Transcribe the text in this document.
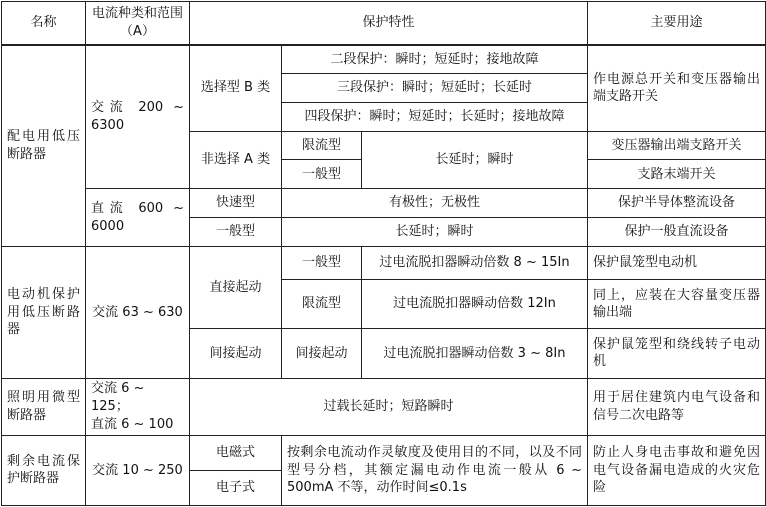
名称	电流种类和范围（A）	保护特性			主要用途
配电用低压断路器	交流 200 ~ 6300	选择型 B 类	二段保护：瞬时；短延时；接地故障		作电源总开关和变压器输出端支路开关
			三段保护：瞬时；短延时；长延时		
			四段保护：瞬时；短延时；长延时；接地故障		
		非选择 A 类	限流型	长延时；瞬时	变压器输出端支路开关
			一般型		支路末端开关
	直流 600 ~ 6000	快速型	有极性；无极性		保护半导体整流设备
		一般型	长延时；瞬时		保护一般直流设备
电动机保护用低压断路器	交流 63 ~ 630	直接起动	一般型	过电流脱扣器瞬动倍数 8 ~ 15In	保护鼠笼型电动机
			限流型	过电流脱扣器瞬动倍数 12In	同上，应装在大容量变压器输出端
		间接起动	间接起动	过电流脱扣器瞬动倍数 3 ~ 8In	保护鼠笼型和绕线转子电动机
照明用微型断路器	交流 6 ~ 125；
直流 6 ~ 100	过载长延时；短路瞬时			用于居住建筑内电气设备和信号二次电路等
剩余电流保护断路器	交流 10 ~ 250	电磁式	按剩余电流动作灵敏度及使用目的不同，以及不同型号分档，其额定漏电动作电流一般从 6 ~ 500mA 不等，动作时间≤0.1s		防止人身电击事故和避免因电气设备漏电造成的火灾危险
		电子式			
